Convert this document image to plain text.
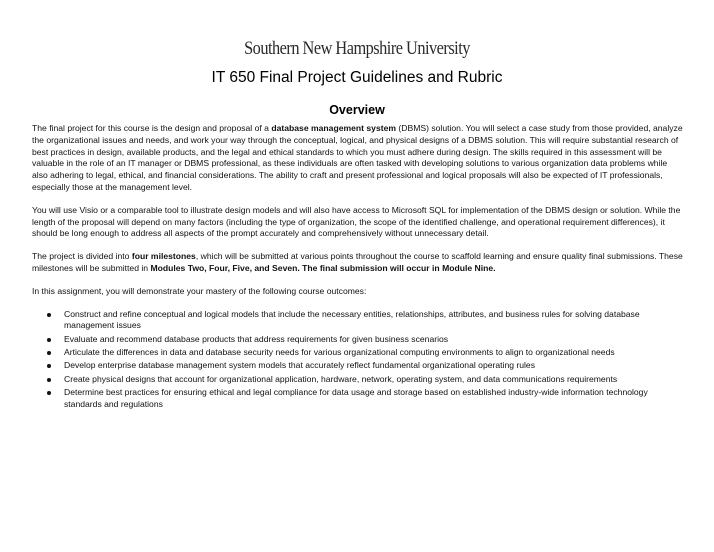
Southern New Hampshire University
IT 650 Final Project Guidelines and Rubric
Overview

The final project for this course is the design and proposal of a database management system (DBMS) solution. You will select a case study from those provided, analyze the organizational issues and needs, and work your way through the conceptual, logical, and physical designs of a DBMS solution. This will require substantial research of best practices in design, available products, and the legal and ethical standards to which you must adhere during design. The skills required in this assessment will be valuable in the role of an IT manager or DBMS professional, as these individuals are often tasked with developing solutions to various organization data problems while also adhering to legal, ethical, and financial considerations. The ability to craft and present professional and logical proposals will also be expected of IT professionals, especially those at the management level.

You will use Visio or a comparable tool to illustrate design models and will also have access to Microsoft SQL for implementation of the DBMS design or solution. While the length of the proposal will depend on many factors (including the type of organization, the scope of the identified challenge, and operational requirement differences), it should be long enough to address all aspects of the prompt accurately and comprehensively without unnecessary detail.

The project is divided into four milestones, which will be submitted at various points throughout the course to scaffold learning and ensure quality final submissions. These milestones will be submitted in Modules Two, Four, Five, and Seven. The final submission will occur in Module Nine.

In this assignment, you will demonstrate your mastery of the following course outcomes:

Construct and refine conceptual and logical models that include the necessary entities, relationships, attributes, and business rules for solving database management issues
Evaluate and recommend database products that address requirements for given business scenarios
Articulate the differences in data and database security needs for various organizational computing environments to align to organizational needs
Develop enterprise database management system models that accurately reflect fundamental organizational operating rules
Create physical designs that account for organizational application, hardware, network, operating system, and data communications requirements
Determine best practices for ensuring ethical and legal compliance for data usage and storage based on established industry-wide information technology standards and regulations
